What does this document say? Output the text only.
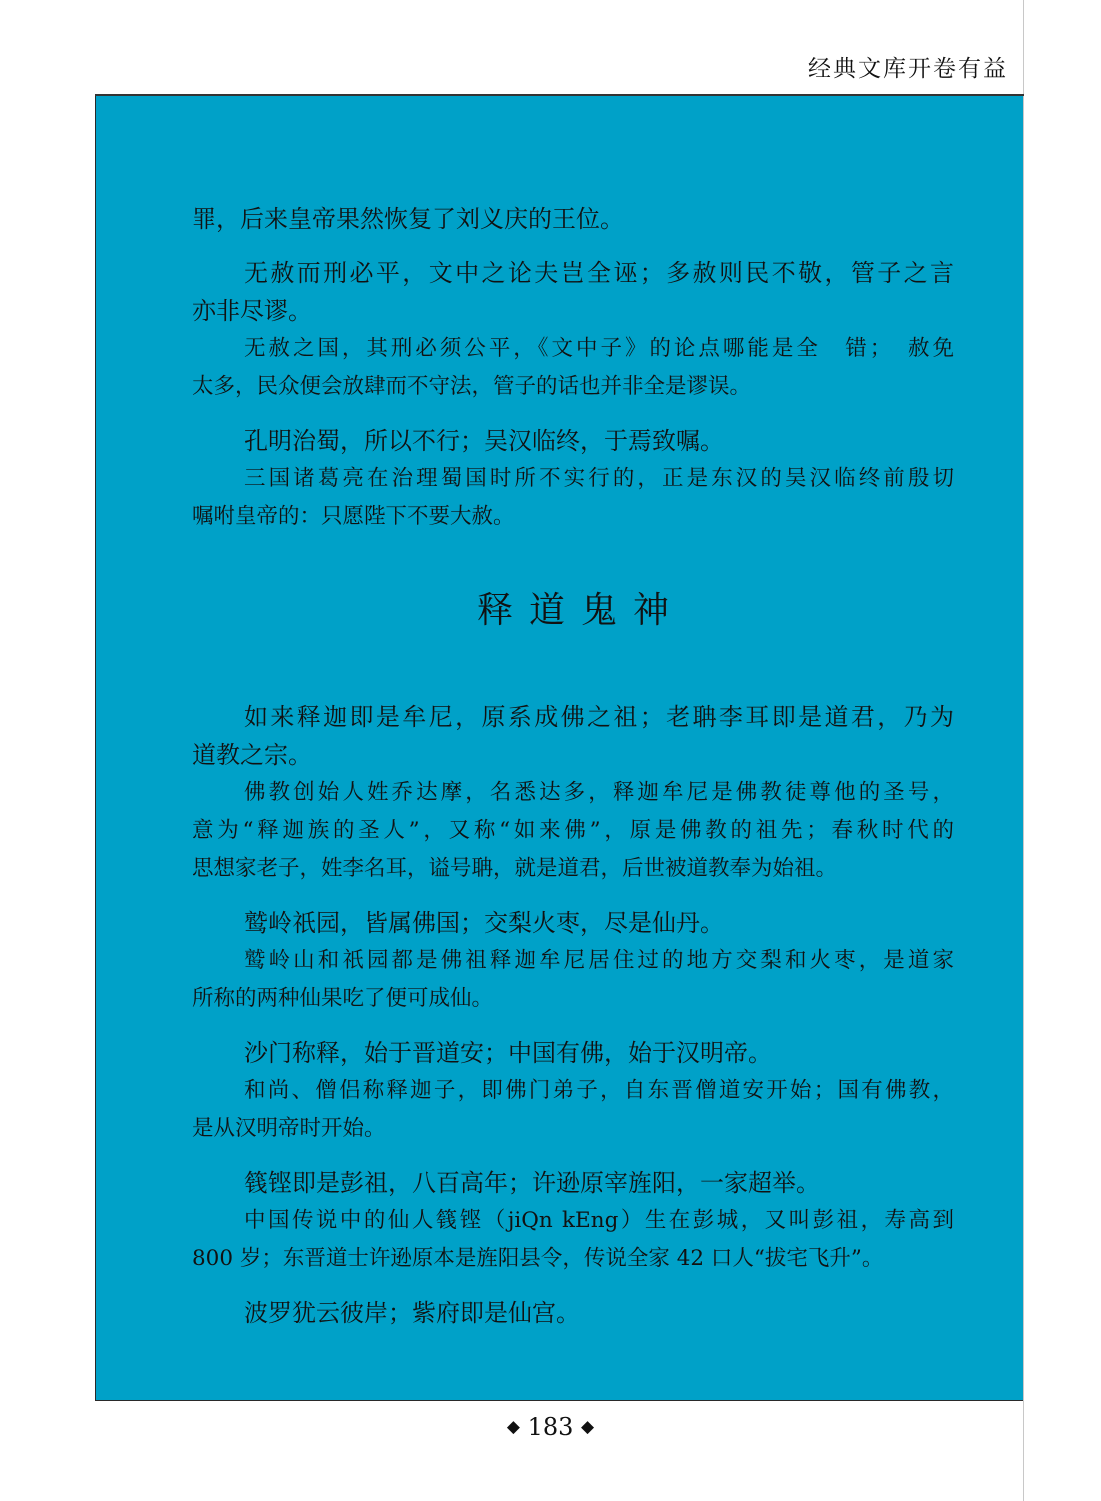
经典文库开卷有益
罪，后来皇帝果然恢复了刘义庆的王位。
无赦而刑必平，文中之论夫岂全诬；多赦则民不敬，管子之言
亦非尽谬。
无赦之国，其刑必须公平，《文中子》的论点哪能是全　错；　赦免
太多，民众便会放肆而不守法，管子的话也并非全是谬误。
孔明治蜀，所以不行；吴汉临终，于焉致嘱。
三国诸葛亮在治理蜀国时所不实行的，正是东汉的吴汉临终前殷切
嘱咐皇帝的：只愿陛下不要大赦。
释道鬼神
如来释迦即是牟尼，原系成佛之祖；老聃李耳即是道君，乃为
道教之宗。
佛教创始人姓乔达摩，名悉达多，释迦牟尼是佛教徒尊他的圣号，
意为“释迦族的圣人”，又称“如来佛”，原是佛教的祖先；春秋时代的
思想家老子，姓李名耳，谥号聃，就是道君，后世被道教奉为始祖。
鹫岭祇园，皆属佛国；交梨火枣，尽是仙丹。
鹫岭山和祇园都是佛祖释迦牟尼居住过的地方交梨和火枣，是道家
所称的两种仙果吃了便可成仙。
沙门称释，始于晋道安；中国有佛，始于汉明帝。
和尚、僧侣称释迦子，即佛门弟子，自东晋僧道安开始；国有佛教，
是从汉明帝时开始。
篯铿即是彭祖，八百高年；许逊原宰旌阳，一家超举。
中国传说中的仙人篯铿（jiQn kEng）生在彭城，又叫彭祖，寿高到
800 岁；东晋道士许逊原本是旌阳县令，传说全家 42 口人“拔宅飞升”。
波罗犹云彼岸；紫府即是仙宫。
◆ 183 ◆
